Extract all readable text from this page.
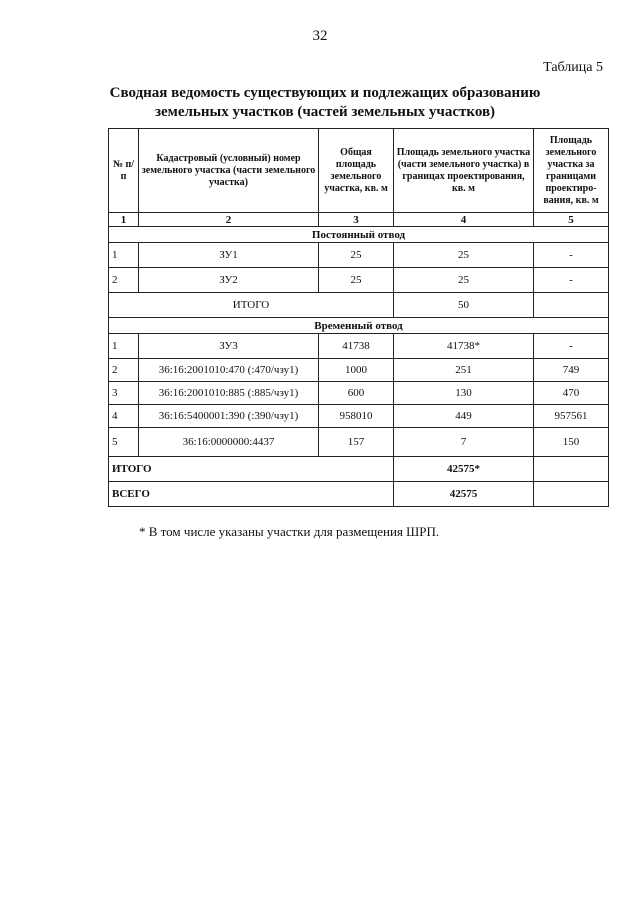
32
Таблица 5
Сводная ведомость существующих и подлежащих образованию
земельных участков (частей земельных участков)
№ п/п	Кадастровый (условный) номер земельного участка (части земельного участка)	Общая площадь земельного участка, кв. м	Площадь земельного участка (части земельного участка) в границах проектирования, кв. м	Площадь земельного участка за границами проектиро-вания, кв. м
1	2	3	4	5
Постоянный отвод				
1	ЗУ1	25	25	-
2	ЗУ2	25	25	-
ИТОГО			50	
Временный отвод				
1	ЗУ3	41738	41738*	-
2	36:16:2001010:470 (:470/чзу1)	1000	251	749
3	36:16:2001010:885 (:885/чзу1)	600	130	470
4	36:16:5400001:390 (:390/чзу1)	958010	449	957561
5	36:16:0000000:4437	157	7	150
ИТОГО			42575*	
ВСЕГО			42575	
* В том числе указаны участки для размещения ШРП.
